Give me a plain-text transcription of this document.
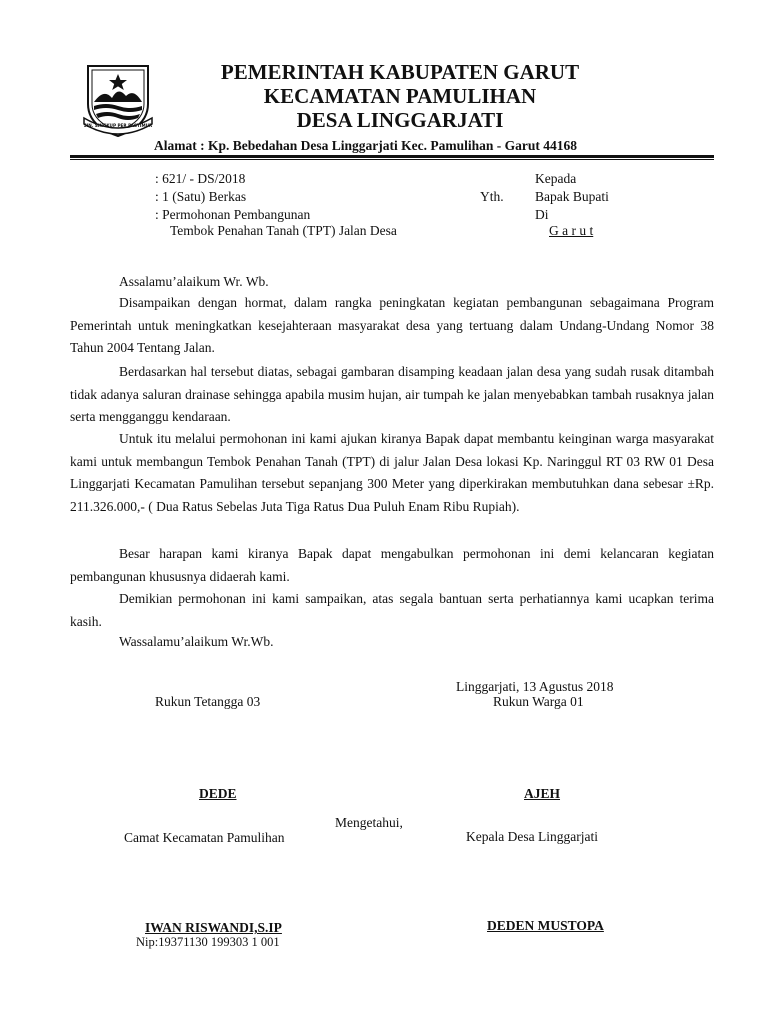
SIN. SINGKUP PER PASTIMUR
PEMERINTAH KABUPATEN GARUT
KECAMATAN PAMULIHAN
DESA LINGGARJATI
Alamat : Kp. Bebedahan Desa Linggarjati Kec. Pamulihan - Garut 44168
: 621/ - DS/2018
: 1 (Satu) Berkas
: Permohonan Pembangunan
Tembok Penahan Tanah (TPT) Jalan Desa
Kepada
Yth. Bapak Bupati
Di
G a r u t
Assalamu’alaikum Wr. Wb.
Disampaikan dengan hormat, dalam rangka peningkatan kegiatan pembangunan sebagaimana Program Pemerintah untuk meningkatkan kesejahteraan masyarakat desa yang tertuang dalam Undang-Undang Nomor 38 Tahun 2004 Tentang Jalan.
Berdasarkan hal tersebut diatas, sebagai gambaran disamping keadaan jalan desa yang sudah rusak ditambah tidak adanya saluran drainase sehingga apabila musim hujan, air tumpah ke jalan menyebabkan tambah rusaknya jalan serta mengganggu kendaraan.
Untuk itu melalui permohonan ini kami ajukan kiranya Bapak dapat membantu keinginan warga masyarakat kami untuk membangun Tembok Penahan Tanah (TPT) di jalur Jalan Desa lokasi Kp. Naringgul RT 03 RW 01 Desa Linggarjati Kecamatan Pamulihan tersebut sepanjang 300 Meter yang diperkirakan membutuhkan dana sebesar ±Rp. 211.326.000,- ( Dua Ratus Sebelas Juta Tiga Ratus Dua Puluh Enam Ribu Rupiah).
Besar harapan kami kiranya Bapak dapat mengabulkan permohonan ini demi kelancaran kegiatan pembangunan khususnya didaerah kami.
Demikian permohonan ini kami sampaikan, atas segala bantuan serta perhatiannya kami ucapkan terima kasih.
Wassalamu’alaikum Wr.Wb.
Linggarjati, 13 Agustus 2018
Rukun Tetangga 03	Rukun Warga 01
DEDE	AJEH
Mengetahui,
Camat Kecamatan Pamulihan	Kepala Desa Linggarjati
IWAN RISWANDI,S.IP
Nip:19371130 199303 1 001
DEDEN MUSTOPA
